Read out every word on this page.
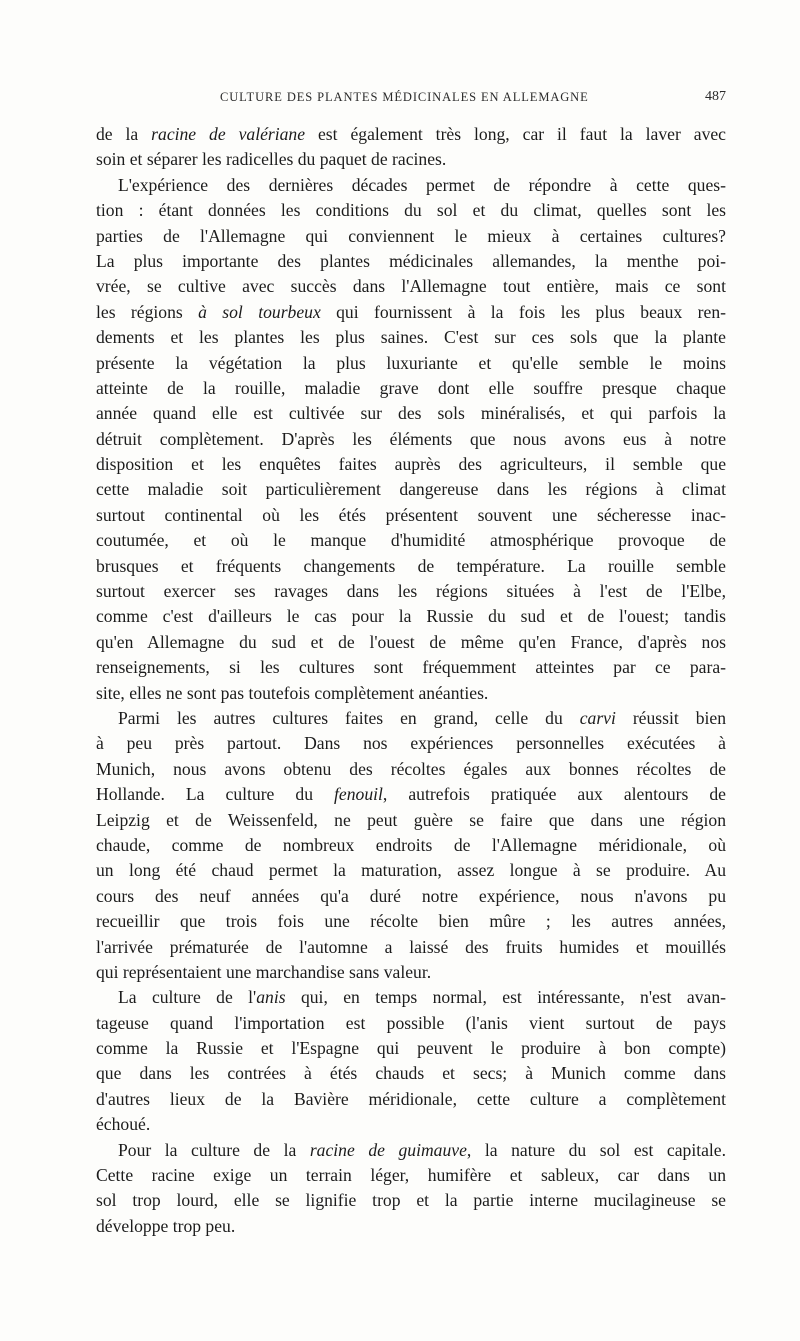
CULTURE DES PLANTES MÉDICINALES EN ALLEMAGNE	487

de la racine de valériane est également très long, car il faut la laver avec
soin et séparer les radicelles du paquet de racines.

L'expérience des dernières décades permet de répondre à cette ques-
tion : étant données les conditions du sol et du climat, quelles sont les
parties de l'Allemagne qui conviennent le mieux à certaines cultures?
La plus importante des plantes médicinales allemandes, la menthe poi-
vrée, se cultive avec succès dans l'Allemagne tout entière, mais ce sont
les régions à sol tourbeux qui fournissent à la fois les plus beaux ren-
dements et les plantes les plus saines. C'est sur ces sols que la plante
présente la végétation la plus luxuriante et qu'elle semble le moins
atteinte de la rouille, maladie grave dont elle souffre presque chaque
année quand elle est cultivée sur des sols minéralisés, et qui parfois la
détruit complètement. D'après les éléments que nous avons eus à notre
disposition et les enquêtes faites auprès des agriculteurs, il semble que
cette maladie soit particulièrement dangereuse dans les régions à climat
surtout continental où les étés présentent souvent une sécheresse inac-
coutumée, et où le manque d'humidité atmosphérique provoque de
brusques et fréquents changements de température. La rouille semble
surtout exercer ses ravages dans les régions situées à l'est de l'Elbe,
comme c'est d'ailleurs le cas pour la Russie du sud et de l'ouest; tandis
qu'en Allemagne du sud et de l'ouest de même qu'en France, d'après nos
renseignements, si les cultures sont fréquemment atteintes par ce para-
site, elles ne sont pas toutefois complètement anéanties.

Parmi les autres cultures faites en grand, celle du carvi réussit bien
à peu près partout. Dans nos expériences personnelles exécutées à
Munich, nous avons obtenu des récoltes égales aux bonnes récoltes de
Hollande. La culture du fenouil, autrefois pratiquée aux alentours de
Leipzig et de Weissenfeld, ne peut guère se faire que dans une région
chaude, comme de nombreux endroits de l'Allemagne méridionale, où
un long été chaud permet la maturation, assez longue à se produire. Au
cours des neuf années qu'a duré notre expérience, nous n'avons pu
recueillir que trois fois une récolte bien mûre ; les autres années,
l'arrivée prématurée de l'automne a laissé des fruits humides et mouillés
qui représentaient une marchandise sans valeur.

La culture de l'anis qui, en temps normal, est intéressante, n'est avan-
tageuse quand l'importation est possible (l'anis vient surtout de pays
comme la Russie et l'Espagne qui peuvent le produire à bon compte)
que dans les contrées à étés chauds et secs; à Munich comme dans
d'autres lieux de la Bavière méridionale, cette culture a complètement
échoué.

Pour la culture de la racine de guimauve, la nature du sol est capitale.
Cette racine exige un terrain léger, humifère et sableux, car dans un
sol trop lourd, elle se lignifie trop et la partie interne mucilagineuse se
développe trop peu.
